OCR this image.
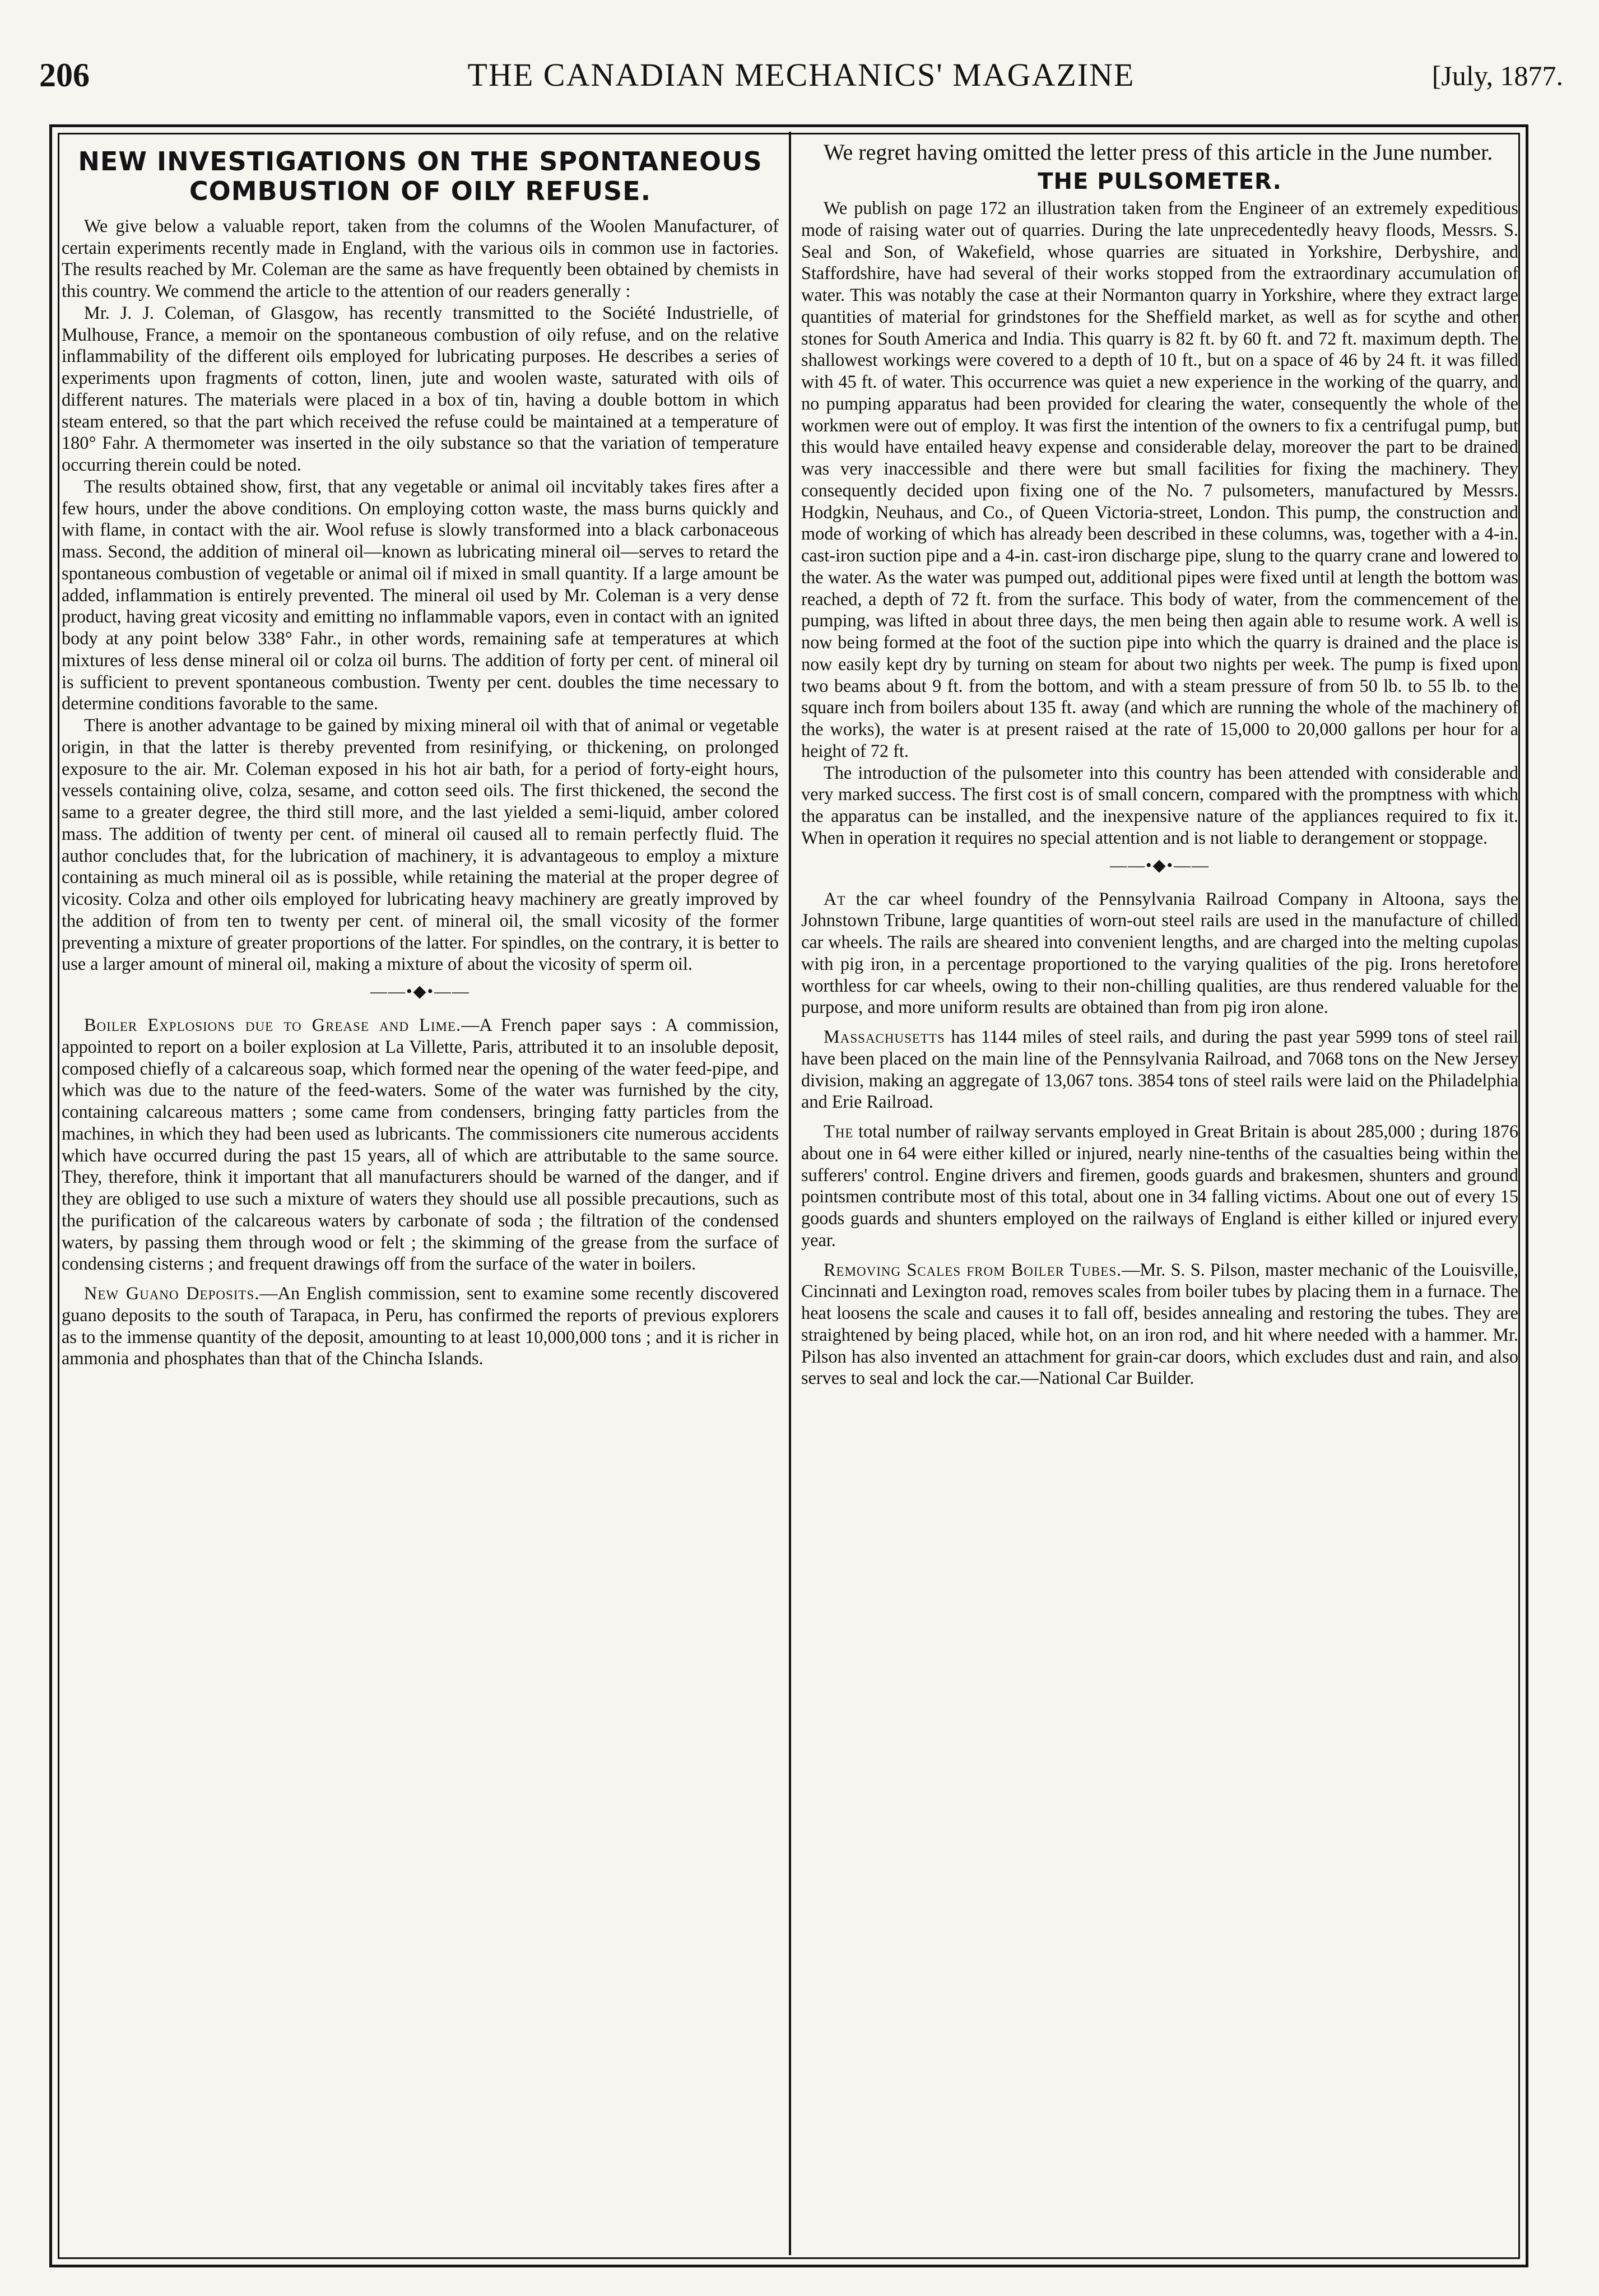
206	THE CANADIAN MECHANICS' MAGAZINE	[July, 1877.
NEW INVESTIGATIONS ON THE SPONTANEOUS COMBUSTION OF OILY REFUSE.

We give below a valuable report, taken from the columns of the Woolen Manufacturer, of certain experiments recently made in England, with the various oils in common use in factories. The results reached by Mr. Coleman are the same as have frequently been obtained by chemists in this country. We commend the article to the attention of our readers generally :

Mr. J. J. Coleman, of Glasgow, has recently transmitted to the Société Industrielle, of Mulhouse, France, a memoir on the spontaneous combustion of oily refuse, and on the relative inflammability of the different oils employed for lubricating purposes. He describes a series of experiments upon fragments of cotton, linen, jute and woolen waste, saturated with oils of different natures. The materials were placed in a box of tin, having a double bottom in which steam entered, so that the part which received the refuse could be maintained at a temperature of 180° Fahr. A thermometer was inserted in the oily substance so that the variation of temperature occurring therein could be noted.

The results obtained show, first, that any vegetable or animal oil incvitably takes fires after a few hours, under the above conditions. On employing cotton waste, the mass burns quickly and with flame, in contact with the air. Wool refuse is slowly transformed into a black carbonaceous mass. Second, the addition of mineral oil—known as lubricating mineral oil—serves to retard the spontaneous combustion of vegetable or animal oil if mixed in small quantity. If a large amount be added, inflammation is entirely prevented. The mineral oil used by Mr. Coleman is a very dense product, having great vicosity and emitting no inflammable vapors, even in contact with an ignited body at any point below 338° Fahr., in other words, remaining safe at temperatures at which mixtures of less dense mineral oil or colza oil burns. The addition of forty per cent. of mineral oil is sufficient to prevent spontaneous combustion. Twenty per cent. doubles the time necessary to determine conditions favorable to the same.

There is another advantage to be gained by mixing mineral oil with that of animal or vegetable origin, in that the latter is thereby prevented from resinifying, or thickening, on prolonged exposure to the air. Mr. Coleman exposed in his hot air bath, for a period of forty-eight hours, vessels containing olive, colza, sesame, and cotton seed oils. The first thickened, the second the same to a greater degree, the third still more, and the last yielded a semi-liquid, amber colored mass. The addition of twenty per cent. of mineral oil caused all to remain perfectly fluid. The author concludes that, for the lubrication of machinery, it is advantageous to employ a mixture containing as much mineral oil as is possible, while retaining the material at the proper degree of vicosity. Colza and other oils employed for lubricating heavy machinery are greatly improved by the addition of from ten to twenty per cent. of mineral oil, the small vicosity of the former preventing a mixture of greater proportions of the latter. For spindles, on the contrary, it is better to use a larger amount of mineral oil, making a mixture of about the vicosity of sperm oil.

——•◆•——

Boiler Explosions due to Grease and Lime.—A French paper says : A commission, appointed to report on a boiler explosion at La Villette, Paris, attributed it to an insoluble deposit, composed chiefly of a calcareous soap, which formed near the opening of the water feed-pipe, and which was due to the nature of the feed-waters. Some of the water was furnished by the city, containing calcareous matters ; some came from condensers, bringing fatty particles from the machines, in which they had been used as lubricants. The commissioners cite numerous accidents which have occurred during the past 15 years, all of which are attributable to the same source. They, therefore, think it important that all manufacturers should be warned of the danger, and if they are obliged to use such a mixture of waters they should use all possible precautions, such as the purification of the calcareous waters by carbonate of soda ; the filtration of the condensed waters, by passing them through wood or felt ; the skimming of the grease from the surface of condensing cisterns ; and frequent drawings off from the surface of the water in boilers.

New Guano Deposits.—An English commission, sent to examine some recently discovered guano deposits to the south of Tarapaca, in Peru, has confirmed the reports of previous explorers as to the immense quantity of the deposit, amounting to at least 10,000,000 tons ; and it is richer in ammonia and phosphates than that of the Chincha Islands.

We regret having omitted the letter press of this article in the June number.

THE PULSOMETER.

We publish on page 172 an illustration taken from the Engineer of an extremely expeditious mode of raising water out of quarries. During the late unprecedentedly heavy floods, Messrs. S. Seal and Son, of Wakefield, whose quarries are situated in Yorkshire, Derbyshire, and Staffordshire, have had several of their works stopped from the extraordinary accumulation of water. This was notably the case at their Normanton quarry in Yorkshire, where they extract large quantities of material for grindstones for the Sheffield market, as well as for scythe and other stones for South America and India. This quarry is 82 ft. by 60 ft. and 72 ft. maximum depth. The shallowest workings were covered to a depth of 10 ft., but on a space of 46 by 24 ft. it was filled with 45 ft. of water. This occurrence was quiet a new experience in the working of the quarry, and no pumping apparatus had been provided for clearing the water, consequently the whole of the workmen were out of employ. It was first the intention of the owners to fix a centrifugal pump, but this would have entailed heavy expense and considerable delay, moreover the part to be drained was very inaccessible and there were but small facilities for fixing the machinery. They consequently decided upon fixing one of the No. 7 pulsometers, manufactured by Messrs. Hodgkin, Neuhaus, and Co., of Queen Victoria-street, London. This pump, the construction and mode of working of which has already been described in these columns, was, together with a 4-in. cast-iron suction pipe and a 4-in. cast-iron discharge pipe, slung to the quarry crane and lowered to the water. As the water was pumped out, additional pipes were fixed until at length the bottom was reached, a depth of 72 ft. from the surface. This body of water, from the commencement of the pumping, was lifted in about three days, the men being then again able to resume work. A well is now being formed at the foot of the suction pipe into which the quarry is drained and the place is now easily kept dry by turning on steam for about two nights per week. The pump is fixed upon two beams about 9 ft. from the bottom, and with a steam pressure of from 50 lb. to 55 lb. to the square inch from boilers about 135 ft. away (and which are running the whole of the machinery of the works), the water is at present raised at the rate of 15,000 to 20,000 gallons per hour for a height of 72 ft.

The introduction of the pulsometer into this country has been attended with considerable and very marked success. The first cost is of small concern, compared with the promptness with which the apparatus can be installed, and the inexpensive nature of the appliances required to fix it. When in operation it requires no special attention and is not liable to derangement or stoppage.

——•◆•——

At the car wheel foundry of the Pennsylvania Railroad Company in Altoona, says the Johnstown Tribune, large quantities of worn-out steel rails are used in the manufacture of chilled car wheels. The rails are sheared into convenient lengths, and are charged into the melting cupolas with pig iron, in a percentage proportioned to the varying qualities of the pig. Irons heretofore worthless for car wheels, owing to their non-chilling qualities, are thus rendered valuable for the purpose, and more uniform results are obtained than from pig iron alone.

Massachusetts has 1144 miles of steel rails, and during the past year 5999 tons of steel rail have been placed on the main line of the Pennsylvania Railroad, and 7068 tons on the New Jersey division, making an aggregate of 13,067 tons. 3854 tons of steel rails were laid on the Philadelphia and Erie Railroad.

The total number of railway servants employed in Great Britain is about 285,000 ; during 1876 about one in 64 were either killed or injured, nearly nine-tenths of the casualties being within the sufferers' control. Engine drivers and firemen, goods guards and brakesmen, shunters and ground pointsmen contribute most of this total, about one in 34 falling victims. About one out of every 15 goods guards and shunters employed on the railways of England is either killed or injured every year.

Removing Scales from Boiler Tubes.—Mr. S. S. Pilson, master mechanic of the Louisville, Cincinnati and Lexington road, removes scales from boiler tubes by placing them in a furnace. The heat loosens the scale and causes it to fall off, besides annealing and restoring the tubes. They are straightened by being placed, while hot, on an iron rod, and hit where needed with a hammer. Mr. Pilson has also invented an attachment for grain-car doors, which excludes dust and rain, and also serves to seal and lock the car.—National Car Builder.
